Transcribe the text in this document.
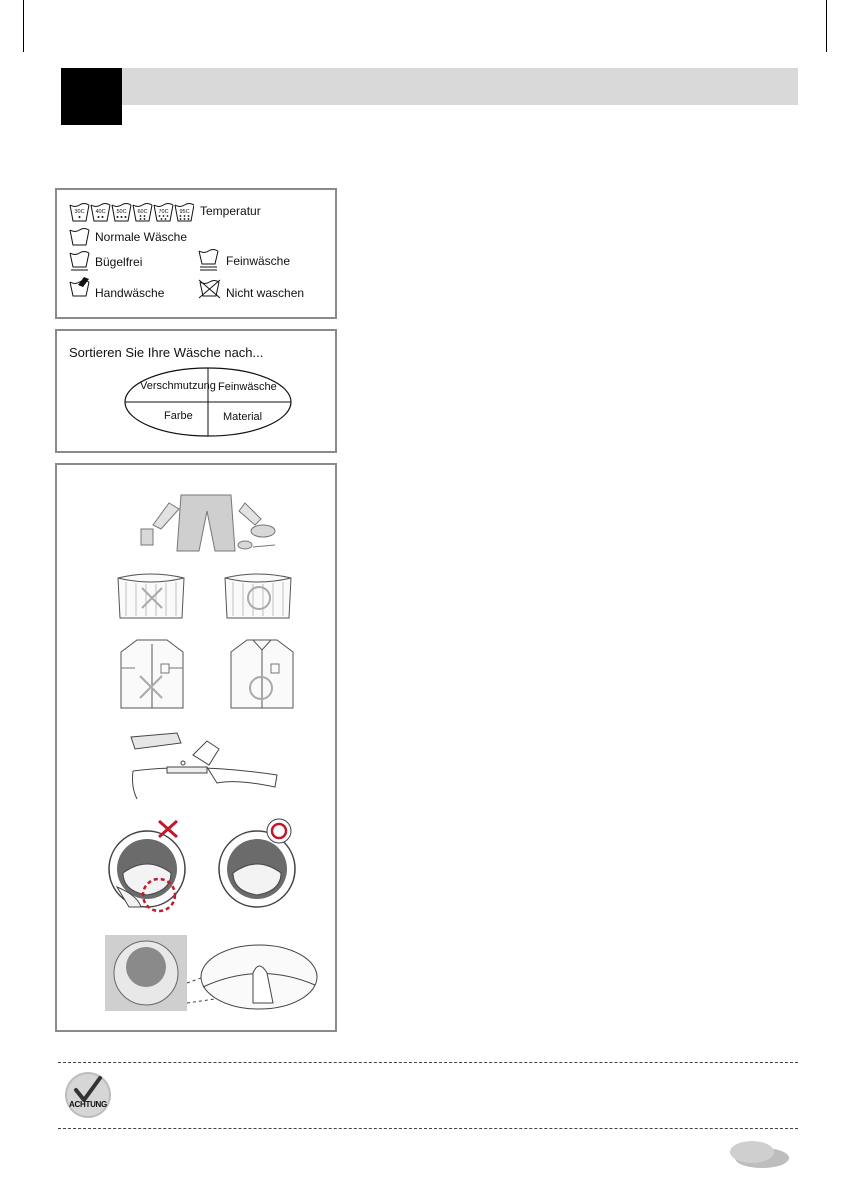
30C 40C 50C 60C 70C 95C Temperatur
Normale Wäsche
Bügelfrei	Feinwäsche
Handwäsche	Nicht waschen
Sortieren Sie Ihre Wäsche nach...
Verschmutzung Feinwäsche
Farbe	Material
ACHTUNG
